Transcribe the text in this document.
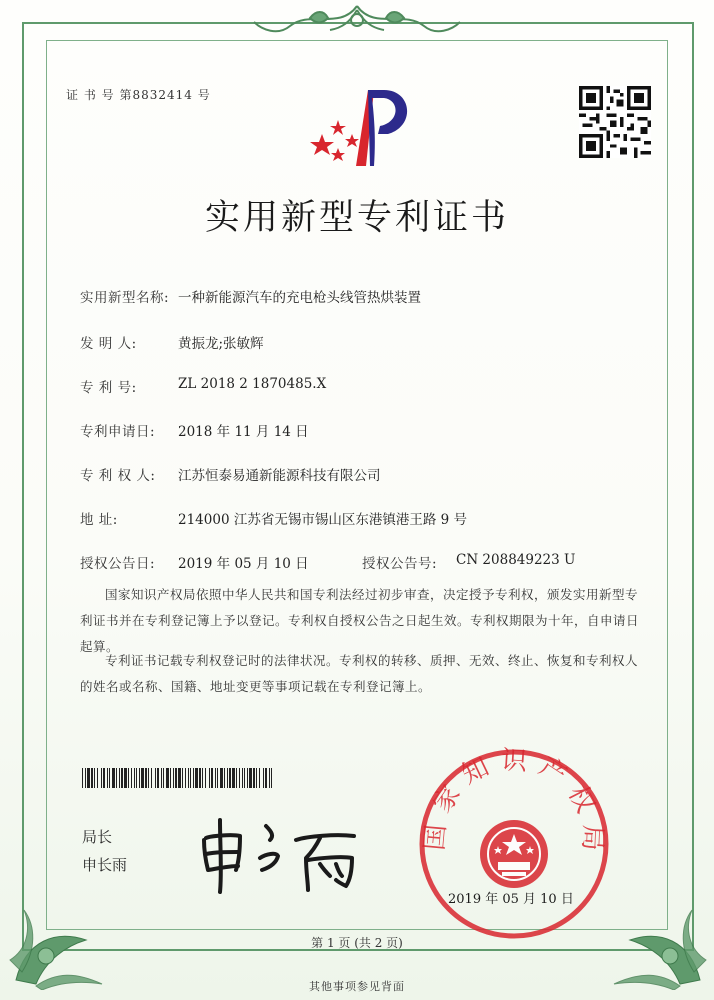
证 书 号 第8832414 号
实用新型专利证书
实用新型名称: 一种新能源汽车的充电枪头线管热烘装置
发 明 人:	黄振龙;张敏辉
专 利 号:	ZL 2018 2 1870485.X
专利申请日: 2018 年 11 月 14 日
专 利 权 人: 江苏恒泰易通新能源科技有限公司
地 址:	214000 江苏省无锡市锡山区东港镇港王路 9 号
授权公告日: 2019 年 05 月 10 日	授权公告号: CN 208849223 U
国家知识产权局依照中华人民共和国专利法经过初步审查，决定授予专利权，颁发实用新型专利证书并在专利登记簿上予以登记。专利权自授权公告之日起生效。专利权期限为十年，自申请日起算。
专利证书记载专利权登记时的法律状况。专利权的转移、质押、无效、终止、恢复和专利权人的姓名或名称、国籍、地址变更等事项记载在专利登记簿上。
局长
申长雨
国家知识产权局
2019 年 05 月 10 日
第 1 页 (共 2 页)
其他事项参见背面
